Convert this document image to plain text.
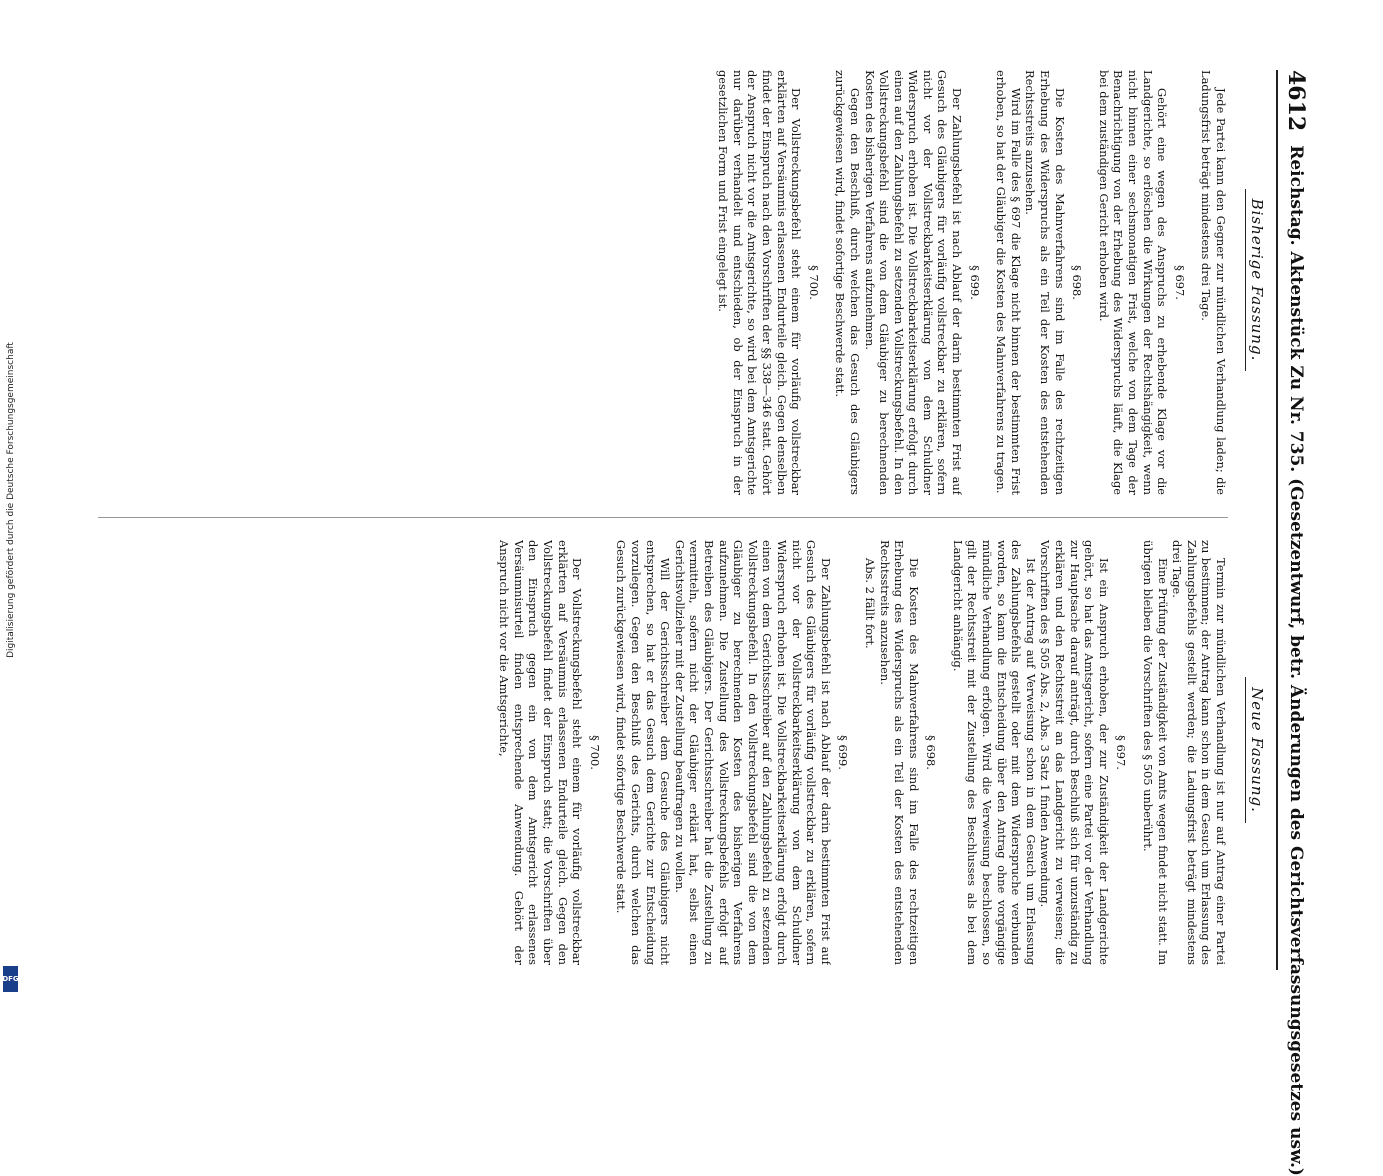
Digitalisierung gefördert durch die Deutsche Forschungsgemeinschaft
DFG
4612
Reichstag. Aktenstück Zu Nr. 735. (Gesetzentwurf, betr. Änderungen des Gerichtsverfassungsgesetzes usw.)
Bisherige Fassung.
Neue Fassung.

Jede Partei kann den Gegner zur mündlichen Verhandlung laden; die Ladungsfrist beträgt mindestens drei Tage.

§ 697.

Gehört eine wegen des Anspruchs zu erhebende Klage vor die Landgerichte, so erlöschen die Wirkungen der Rechtshängigkeit, wenn nicht binnen einer sechsmonatigen Frist, welche von dem Tage der Benachrichtigung von der Erhebung des Widerspruchs läuft, die Klage bei dem zuständigen Gericht erhoben wird.

§ 698.

Die Kosten des Mahnverfahrens sind im Falle des rechtzeitigen Erhebung des Widerspruchs als ein Teil der Kosten des entstehenden Rechtsstreits anzusehen.

Wird im Falle des § 697 die Klage nicht binnen der bestimmten Frist erhoben, so hat der Gläubiger die Kosten des Mahnverfahrens zu tragen.

§ 699.

Der Zahlungsbefehl ist nach Ablauf der darin bestimmten Frist auf Gesuch des Gläubigers für vorläufig vollstreckbar zu erklären, sofern nicht vor der Vollstreckbarkeitserklärung von dem Schuldner Widerspruch erhoben ist. Die Vollstreckbarkeitserklärung erfolgt durch einen auf den Zahlungsbefehl zu setzenden Vollstreckungsbefehl. In den Vollstreckungsbefehl sind die von dem Gläubiger zu berechnenden Kosten des bisherigen Verfahrens aufzunehmen.

Gegen den Beschluß, durch welchen das Gesuch des Gläubigers zurückgewiesen wird, findet sofortige Beschwerde statt.

§ 700.

Der Vollstreckungsbefehl steht einem für vorläufig vollstreckbar erklärten auf Versäumnis erlassenen Endurteile gleich. Gegen denselben findet der Einspruch nach den Vorschriften der §§ 338—346 statt. Gehört der Anspruch nicht vor die Amtsgerichte, so wird bei dem Amtsgerichte nur darüber verhandelt und entschieden, ob der Einspruch in der gesetzlichen Form und Frist eingelegt ist.

Termin zur mündlichen Verhandlung ist nur auf Antrag einer Partei zu bestimmen; der Antrag kann schon in dem Gesuch um Erlassung des Zahlungsbefehls gestellt werden; die Ladungsfrist beträgt mindestens drei Tage.

Eine Prüfung der Zuständigkeit von Amts wegen findet nicht statt. Im übrigen bleiben die Vorschriften des § 505 unberührt.

§ 697.

Ist ein Anspruch erhoben, der zur Zuständigkeit der Landgerichte gehört, so hat das Amtsgericht, sofern eine Partei vor der Verhandlung zur Hauptsache darauf anträgt, durch Beschluß sich für unzuständig zu erklären und den Rechtsstreit an das Landgericht zu verweisen; die Vorschriften des § 505 Abs. 2, Abs. 3 Satz 1 finden Anwendung.

Ist der Antrag auf Verweisung schon in dem Gesuch um Erlassung des Zahlungsbefehls gestellt oder mit dem Widerspruche verbunden worden, so kann die Entscheidung über den Antrag ohne vorgängige mündliche Verhandlung erfolgen. Wird die Verweisung beschlossen, so gilt der Rechtsstreit mit der Zustellung des Beschlusses als bei dem Landgericht anhängig.

§ 698.

Die Kosten des Mahnverfahrens sind im Falle des rechtzeitigen Erhebung des Widerspruchs als ein Teil der Kosten des entstehenden Rechtsstreits anzusehen.

Abs. 2 fällt fort.

§ 699.

Der Zahlungsbefehl ist nach Ablauf der darin bestimmten Frist auf Gesuch des Gläubigers für vorläufig vollstreckbar zu erklären, sofern nicht vor der Vollstreckbarkeitserklärung von dem Schuldner Widerspruch erhoben ist. Die Vollstreckbarkeitserklärung erfolgt durch einen von dem Gerichtsschreiber auf den Zahlungsbefehl zu setzenden Vollstreckungsbefehl. In den Vollstreckungsbefehl sind die von dem Gläubiger zu berechnenden Kosten des bisherigen Verfahrens aufzunehmen. Die Zustellung des Vollstreckungsbefehls erfolgt auf Betreiben des Gläubigers. Der Gerichtsschreiber hat die Zustellung zu vermitteln, sofern nicht der Gläubiger erklärt hat, selbst einen Gerichtsvollzieher mit der Zustellung beauftragen zu wollen.

Will der Gerichtsschreiber dem Gesuche des Gläubigers nicht entsprechen, so hat er das Gesuch dem Gerichte zur Entscheidung vorzulegen. Gegen den Beschluß des Gerichts, durch welchen das Gesuch zurückgewiesen wird, findet sofortige Beschwerde statt.

§ 700.

Der Vollstreckungsbefehl steht einem für vorläufig vollstreckbar erklärten auf Versäumnis erlassenen Endurteile gleich. Gegen den Vollstreckungsbefehl findet der Einspruch statt; die Vorschriften über den Einspruch gegen ein von dem Amtsgericht erlassenes Versäumnisurteil finden entsprechende Anwendung. Gehört der Anspruch nicht vor die Amtsgerichte,
